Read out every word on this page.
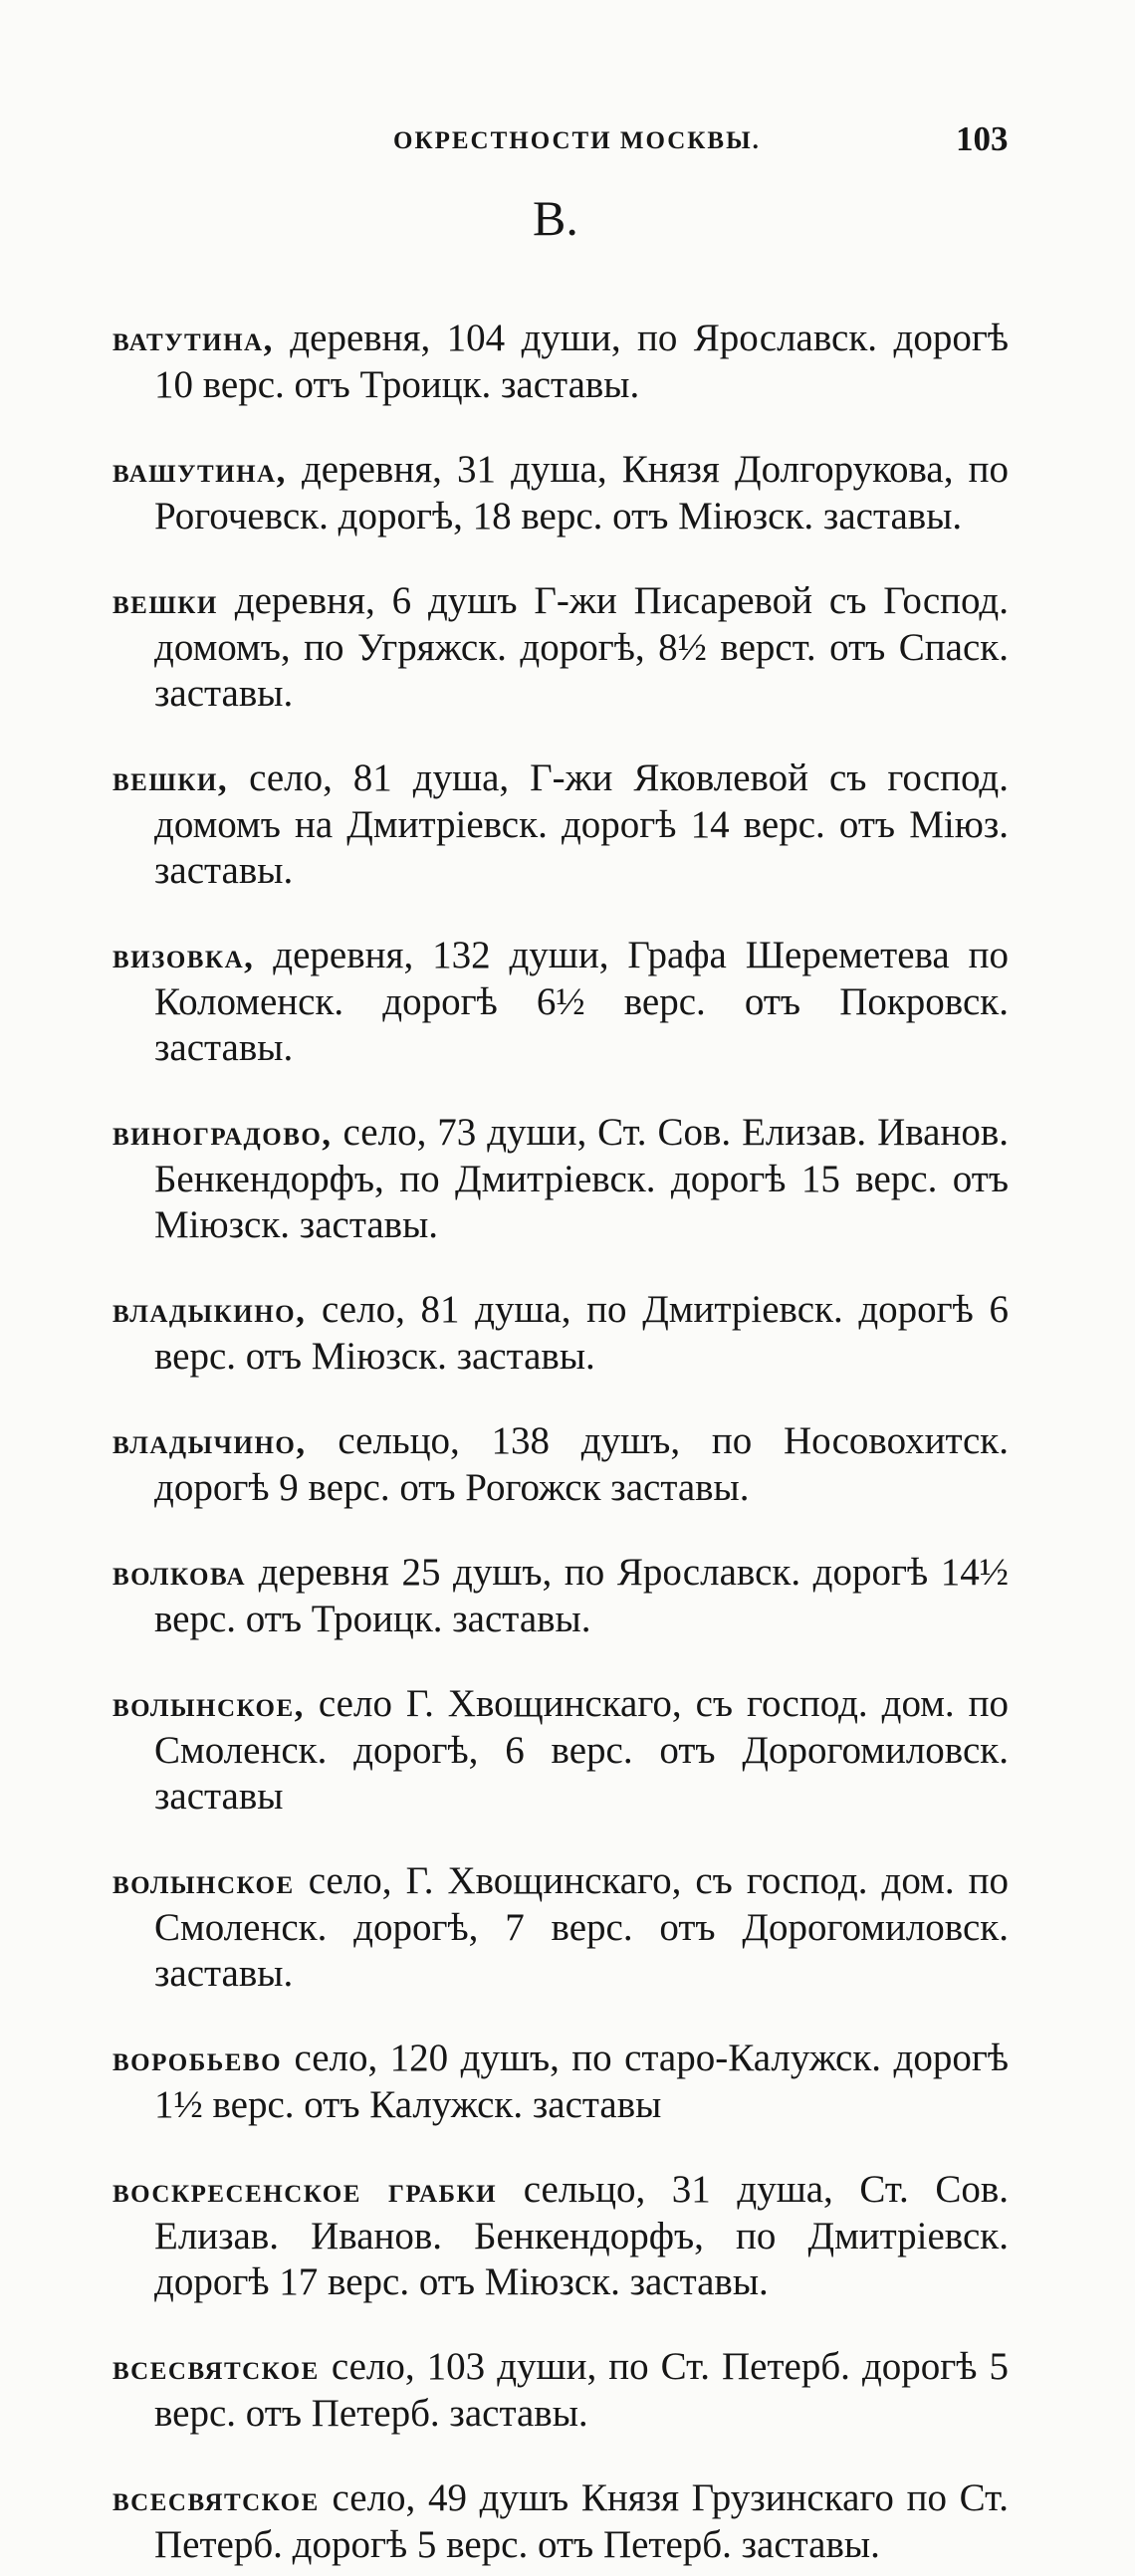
ОКРЕСТНОСТИ МОСКВЫ.	103
В.

ватутина, деревня, 104 души, по Ярославск. дорогѣ 10 верс. отъ Троицк. заставы.

вашутина, деревня, 31 душа, Князя Долгорукова, по Рогочевск. дорогѣ, 18 верс. отъ Міюзск. заставы.

вешки деревня, 6 душъ Г-жи Писаревой съ Господ. домомъ, по Угряжск. дорогѣ, 8½ верст. отъ Спаск. заставы.

вешки, село, 81 душа, Г-жи Яковлевой съ господ. домомъ на Дмитріевск. дорогѣ 14 верс. отъ Міюз. заставы.

визовка, деревня, 132 души, Графа Шереметева по Коломенск. дорогѣ 6½ верс. отъ Покровск. заставы.

виноградово, село, 73 души, Ст. Сов. Елизав. Иванов. Бенкендорфъ, по Дмитріевск. дорогѣ 15 верс. отъ Міюзск. заставы.

владыкино, село, 81 душа, по Дмитріевск. дорогѣ 6 верс. отъ Міюзск. заставы.

владычино, сельцо, 138 душъ, по Носовохитск. дорогѣ 9 верс. отъ Рогожск заставы.

волкова деревня 25 душъ, по Ярославск. дорогѣ 14½ верс. отъ Троицк. заставы.

волынское, село Г. Хвощинскаго, съ господ. дом. по Смоленск. дорогѣ, 6 верс. отъ Дорогомиловск. заставы

волынское село, Г. Хвощинскаго, съ господ. дом. по Смоленск. дорогѣ, 7 верс. отъ Дорогомиловск. заставы.

воробьево село, 120 душъ, по старо-Калужск. дорогѣ 1½ верс. отъ Калужск. заставы

воскресенское грабки сельцо, 31 душа, Ст. Сов. Елизав. Иванов. Бенкендорфъ, по Дмитріевск. дорогѣ 17 верс. отъ Міюзск. заставы.

всесвятское село, 103 души, по Ст. Петерб. дорогѣ 5 верс. отъ Петерб. заставы.

всесвятское село, 49 душъ Князя Грузинскаго по Ст. Петерб. дорогѣ 5 верс. отъ Петерб. заставы.
